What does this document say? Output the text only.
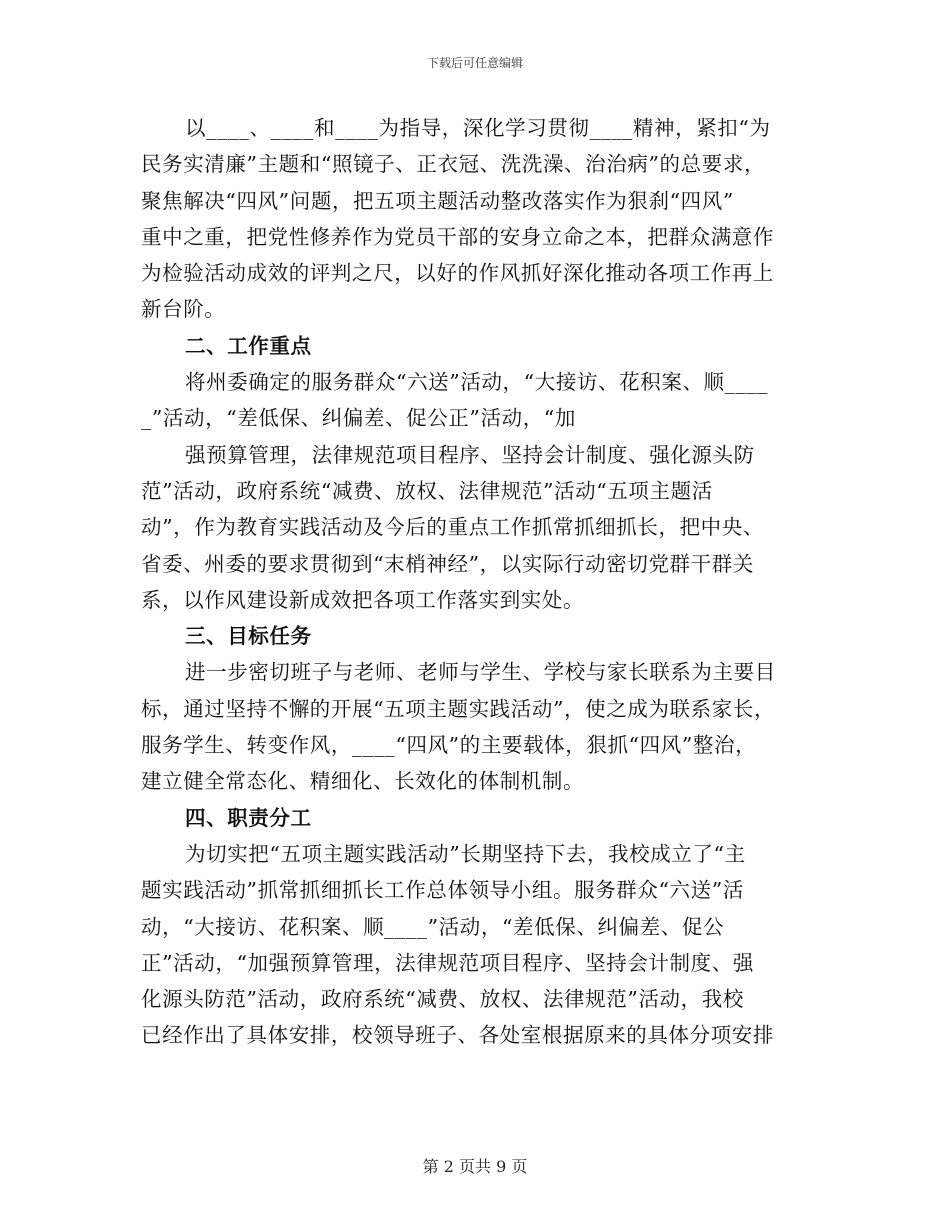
下载后可任意编辑
以____、____和____为指导，深化学习贯彻____精神，紧扣“为
民务实清廉”主题和“照镜子、正衣冠、洗洗澡、治治病”的总要求，
聚焦解决“四风”问题，把五项主题活动整改落实作为狠刹“四风”
重中之重，把党性修养作为党员干部的安身立命之本，把群众满意作
为检验活动成效的评判之尺，以好的作风抓好深化推动各项工作再上
新台阶。
二、工作重点
将州委确定的服务群众“六送”活动，“大接访、花积案、顺____
_”活动，“差低保、纠偏差、促公正”活动，“加
强预算管理，法律规范项目程序、坚持会计制度、强化源头防
范”活动，政府系统“减费、放权、法律规范”活动“五项主题活
动”，作为教育实践活动及今后的重点工作抓常抓细抓长，把中央、
省委、州委的要求贯彻到“末梢神经”，以实际行动密切党群干群关
系，以作风建设新成效把各项工作落实到实处。
三、目标任务
进一步密切班子与老师、老师与学生、学校与家长联系为主要目
标，通过坚持不懈的开展“五项主题实践活动”，使之成为联系家长，
服务学生、转变作风，____“四风”的主要载体，狠抓“四风”整治，
建立健全常态化、精细化、长效化的体制机制。
四、职责分工
为切实把“五项主题实践活动”长期坚持下去，我校成立了“主
题实践活动”抓常抓细抓长工作总体领导小组。服务群众“六送”活
动，“大接访、花积案、顺____”活动，“差低保、纠偏差、促公
正”活动，“加强预算管理，法律规范项目程序、坚持会计制度、强
化源头防范”活动，政府系统“减费、放权、法律规范”活动，我校
已经作出了具体安排，校领导班子、各处室根据原来的具体分项安排
第 2 页共 9 页
